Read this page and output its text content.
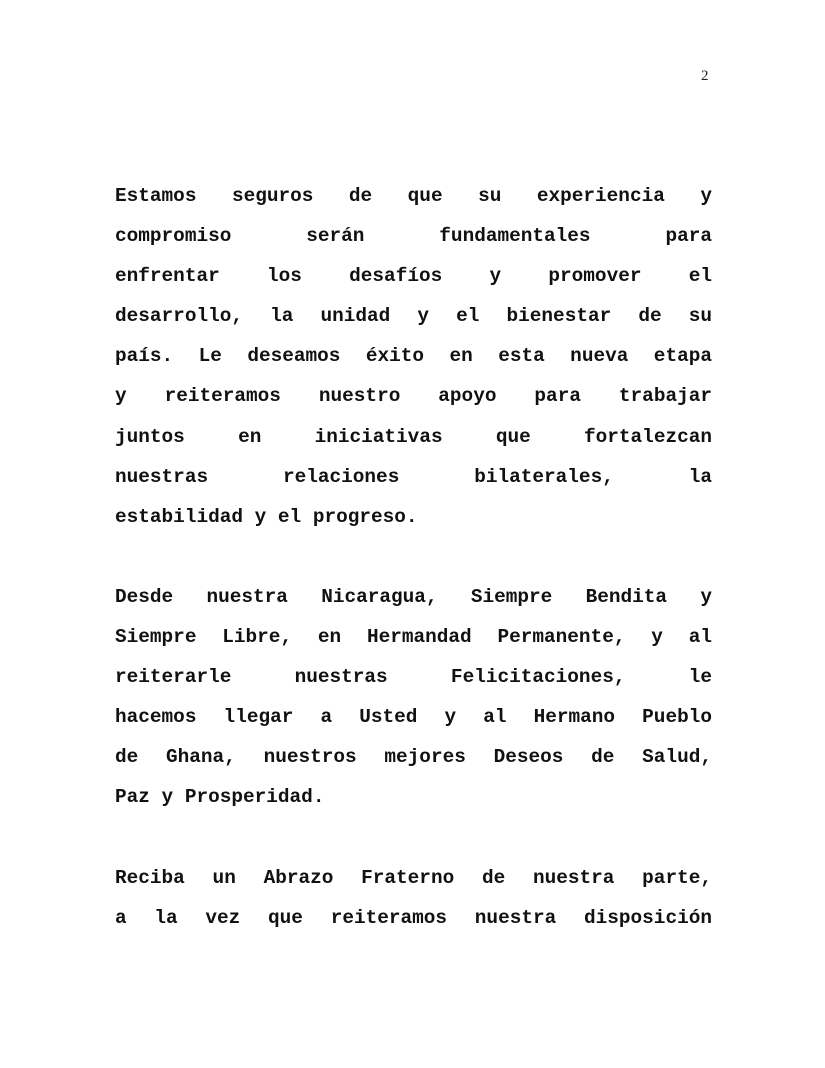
2
Estamos seguros de que su experiencia y
compromiso serán fundamentales para
enfrentar los desafíos y promover el
desarrollo, la unidad y el bienestar de su
país. Le deseamos éxito en esta nueva etapa
y reiteramos nuestro apoyo para trabajar
juntos en iniciativas que fortalezcan
nuestras relaciones bilaterales, la
estabilidad y el progreso.
Desde nuestra Nicaragua, Siempre Bendita y
Siempre Libre, en Hermandad Permanente, y al
reiterarle nuestras Felicitaciones, le
hacemos llegar a Usted y al Hermano Pueblo
de Ghana, nuestros mejores Deseos de Salud,
Paz y Prosperidad.
Reciba un Abrazo Fraterno de nuestra parte,
a la vez que reiteramos nuestra disposición
